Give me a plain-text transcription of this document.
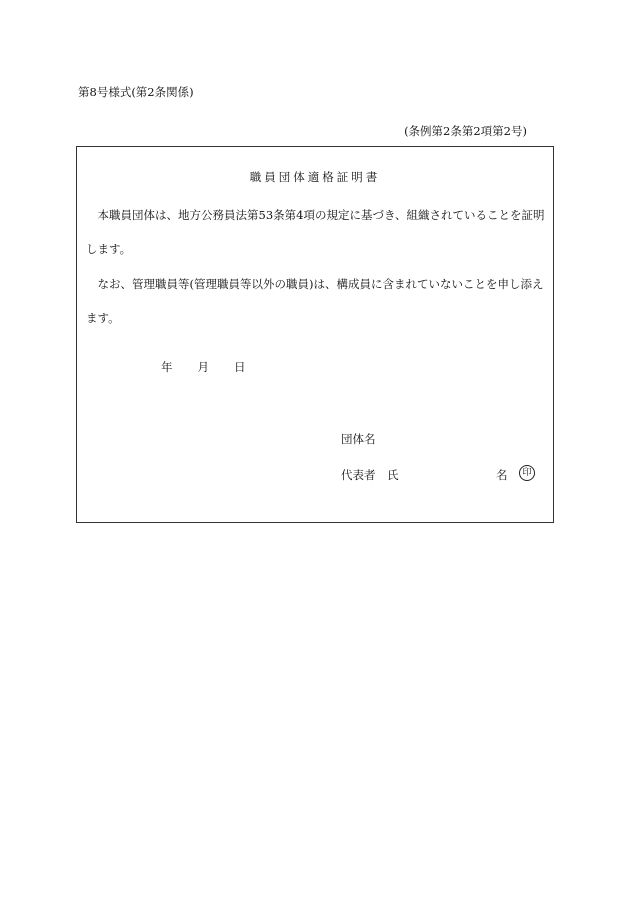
第8号様式(第2条関係)
(条例第2条第2項第2号)
職員団体適格証明書

本職員団体は、地方公務員法第53条第4項の規定に基づき、組織されていることを証明します。

なお、管理職員等(管理職員等以外の職員)は、構成員に含まれていないことを申し添えます。

年 月 日
団体名
代表者　氏	名	印
